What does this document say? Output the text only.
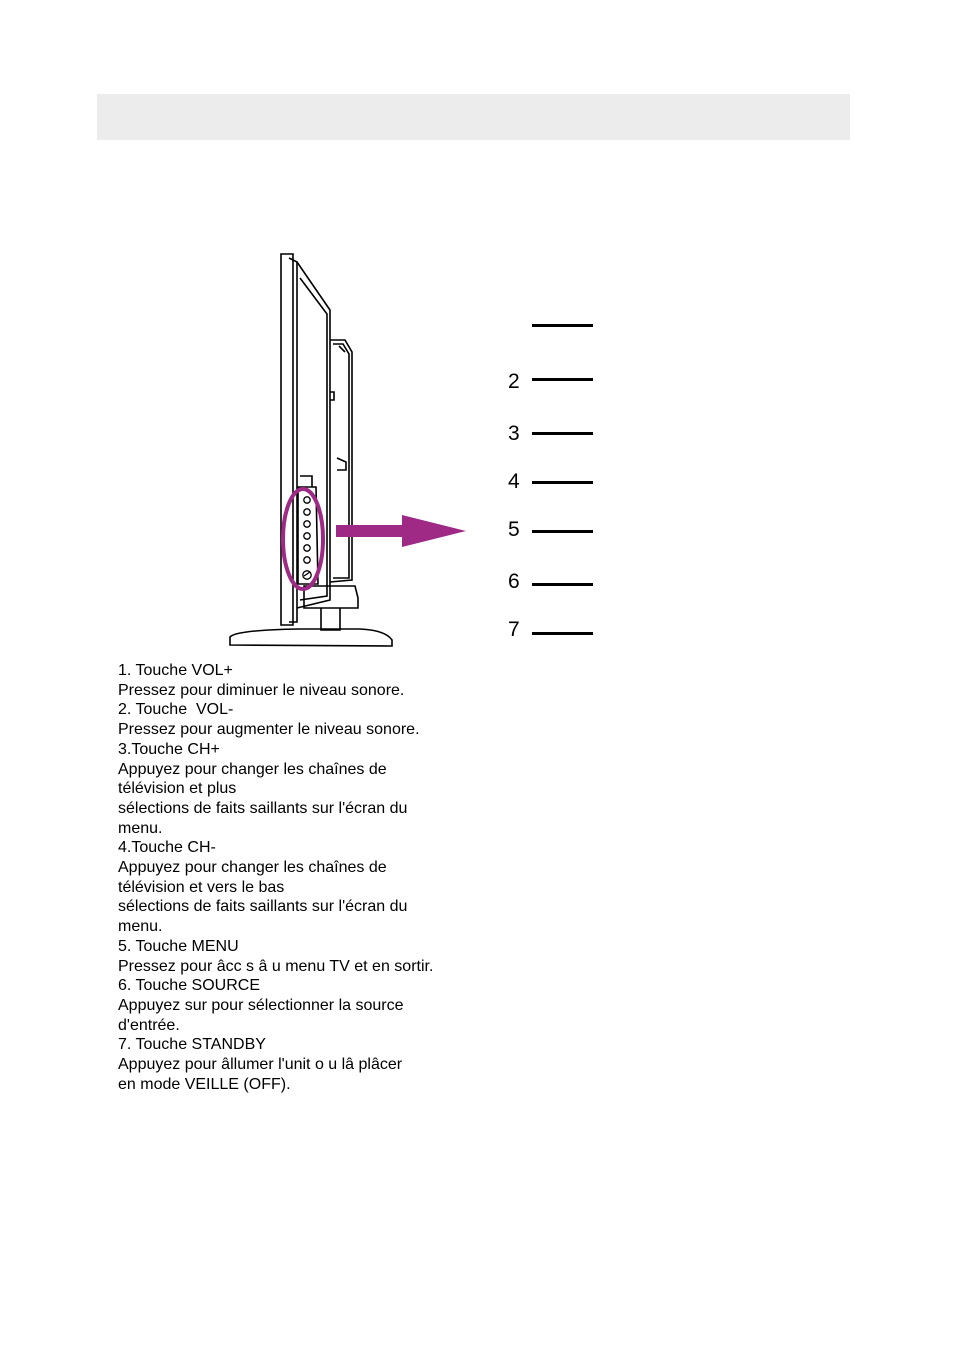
2
3
4
5
6
7
1. Touche VOL+
Pressez pour diminuer le niveau sonore.
2. Touche  VOL-
Pressez pour augmenter le niveau sonore.
3.Touche CH+
Appuyez pour changer les chaînes de
télévision et plus
sélections de faits saillants sur l'écran du
menu.
4.Touche CH-
Appuyez pour changer les chaînes de
télévision et vers le bas
sélections de faits saillants sur l'écran du
menu.
5. Touche MENU
Pressez pour âcc s â u menu TV et en sortir.
6. Touche SOURCE
Appuyez sur pour sélectionner la source
d'entrée.
7. Touche STANDBY
Appuyez pour âllumer l'unit o u lâ plâcer
en mode VEILLE (OFF).
